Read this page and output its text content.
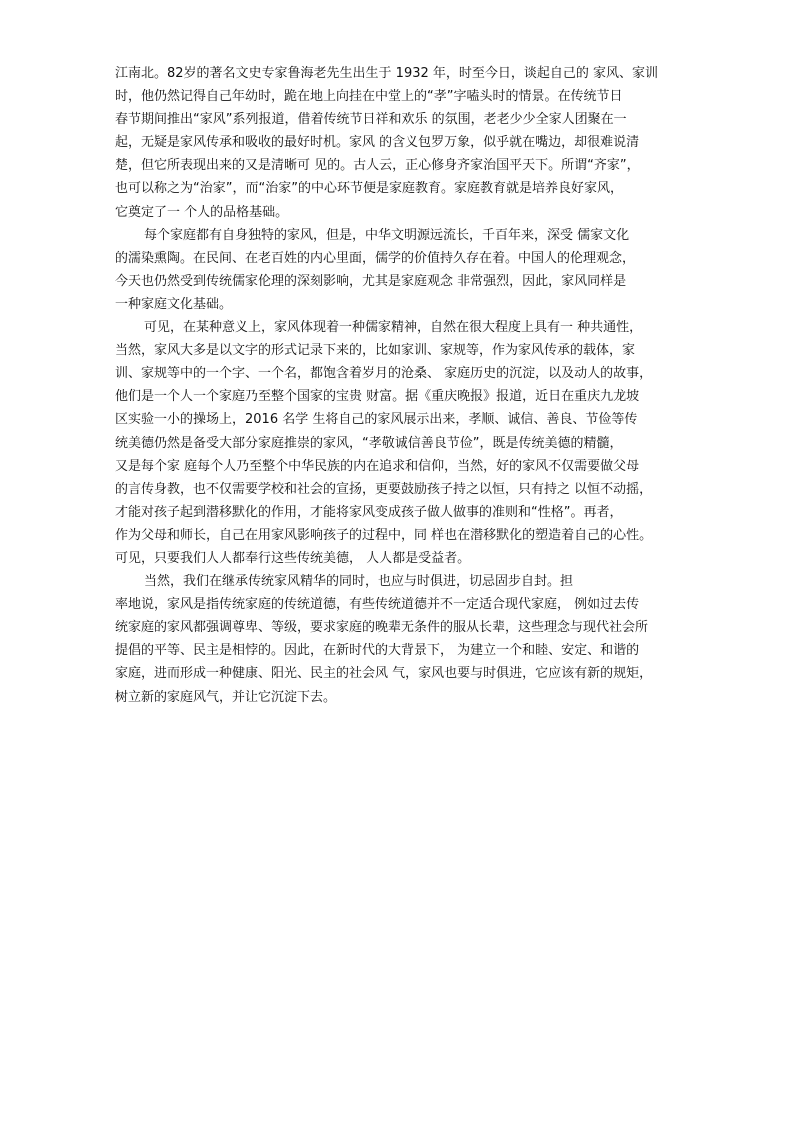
江南北。82岁的著名文史专家鲁海老先生出生于 1932 年，时至今日，谈起自己的 家风、家训
时，他仍然记得自己年幼时，跪在地上向挂在中堂上的“孝”字嗑头时的情景。在传统节日
春节期间推出“家风”系列报道，借着传统节日祥和欢乐 的氛围，老老少少全家人团聚在一
起，无疑是家风传承和吸收的最好时机。家风 的含义包罗万象，似乎就在嘴边，却很难说清
楚，但它所表现出来的又是清晰可 见的。古人云，正心修身齐家治国平天下。所谓“齐家”，
也可以称之为“治家”，而“治家”的中心环节便是家庭教育。家庭教育就是培养良好家风，
它奠定了一 个人的品格基础。
每个家庭都有自身独特的家风，但是，中华文明源远流长，千百年来，深受 儒家文化
的濡染熏陶。在民间、在老百姓的内心里面，儒学的价值持久存在着。中国人的伦理观念，
今天也仍然受到传统儒家伦理的深刻影响，尤其是家庭观念 非常强烈，因此，家风同样是
一种家庭文化基础。
可见，在某种意义上，家风体现着一种儒家精神，自然在很大程度上具有一 种共通性，
当然，家风大多是以文字的形式记录下来的，比如家训、家规等，作为家风传承的载体，家
训、家规等中的一个字、一个名，都饱含着岁月的沧桑、 家庭历史的沉淀，以及动人的故事，
他们是一个人一个家庭乃至整个国家的宝贵 财富。据《重庆晚报》报道，近日在重庆九龙坡
区实验一小的操场上，2016 名学 生将自己的家风展示出来，孝顺、诚信、善良、节俭等传
统美德仍然是备受大部分家庭推崇的家风，“孝敬诚信善良节俭”，既是传统美德的精髓，
又是每个家 庭每个人乃至整个中华民族的内在追求和信仰，当然，好的家风不仅需要做父母
的言传身教，也不仅需要学校和社会的宣扬，更要鼓励孩子持之以恒，只有持之 以恒不动摇，
才能对孩子起到潜移默化的作用，才能将家风变成孩子做人做事的准则和“性格”。再者，
作为父母和师长，自己在用家风影响孩子的过程中，同 样也在潜移默化的塑造着自己的心性。
可见，只要我们人人都奉行这些传统美德， 人人都是受益者。
当然，我们在继承传统家风精华的同时，也应与时俱进，切忌固步自封。担
率地说，家风是指传统家庭的传统道德，有些传统道德并不一定适合现代家庭， 例如过去传
统家庭的家风都强调尊卑、等级，要求家庭的晚辈无条件的服从长辈，这些理念与现代社会所
提倡的平等、民主是相悖的。因此，在新时代的大背景下， 为建立一个和睦、安定、和谐的
家庭，进而形成一种健康、阳光、民主的社会风 气，家风也要与时俱进，它应该有新的规矩，
树立新的家庭风气，并让它沉淀下去。
